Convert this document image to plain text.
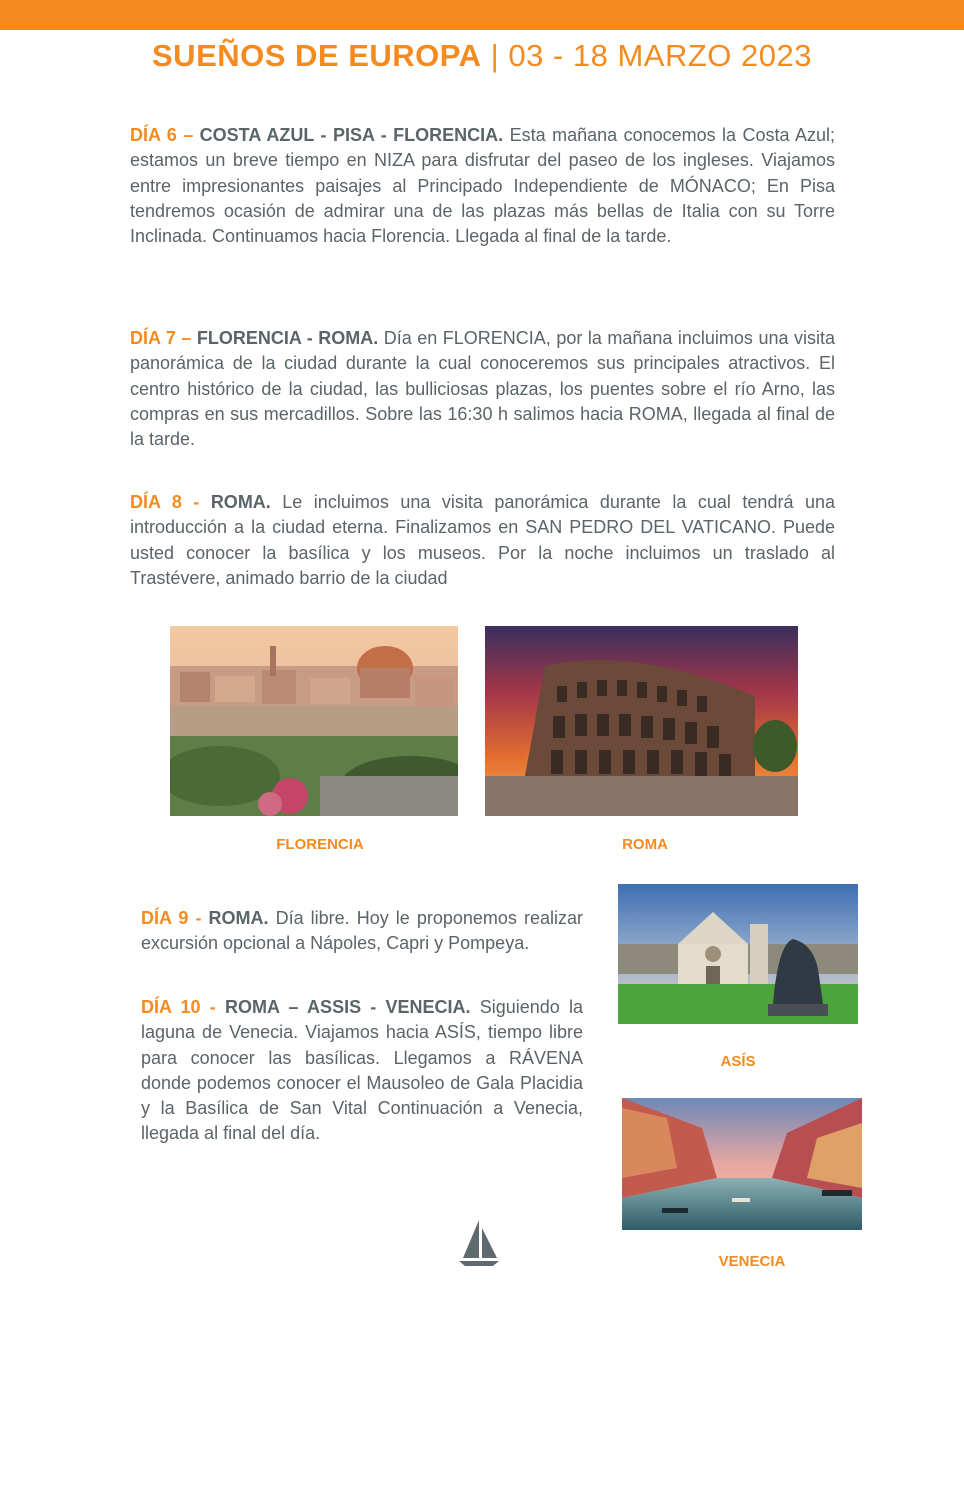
SUEÑOS DE EUROPA | 03 - 18 MARZO 2023
DÍA 6 – COSTA AZUL - PISA - FLORENCIA. Esta mañana conocemos la Costa Azul; estamos un breve tiempo en NIZA para disfrutar del paseo de los ingleses. Viajamos entre impresionantes paisajes al Principado Independiente de MÓNACO; En Pisa tendremos ocasión de admirar una de las plazas más bellas de Italia con su Torre Inclinada. Continuamos hacia Florencia. Llegada al final de la tarde.
DÍA 7 – FLORENCIA - ROMA. Día en FLORENCIA, por la mañana incluimos una visita panorámica de la ciudad durante la cual conoceremos sus principales atractivos. El centro histórico de la ciudad, las bulliciosas plazas, los puentes sobre el río Arno, las compras en sus mercadillos. Sobre las 16:30 h salimos hacia ROMA, llegada al final de la tarde.
DÍA 8 - ROMA. Le incluimos una visita panorámica durante la cual tendrá una introducción a la ciudad eterna. Finalizamos en SAN PEDRO DEL VATICANO. Puede usted conocer la basílica y los museos. Por la noche incluimos un traslado al Trastévere, animado barrio de la ciudad
FLORENCIA	ROMA
DÍA 9 - ROMA. Día libre. Hoy le proponemos realizar excursión opcional a Nápoles, Capri y Pompeya.
DÍA 10 - ROMA – ASSIS - VENECIA. Siguiendo la laguna de Venecia. Viajamos hacia ASÍS, tiempo libre para conocer las basílicas. Llegamos a RÁVENA donde podemos conocer el Mausoleo de Gala Placidia y la Basílica de San Vital Continuación a Venecia, llegada al final del día.
ASÍS
VENECIA
